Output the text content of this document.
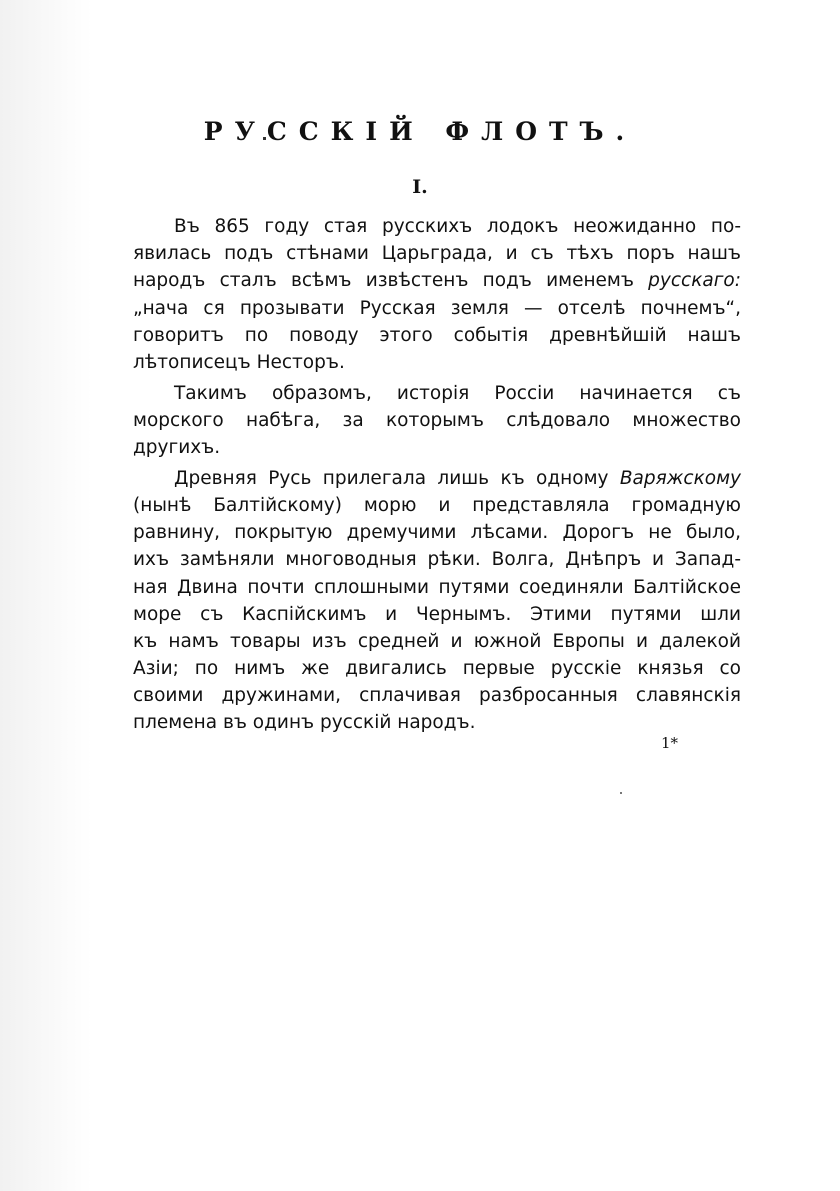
РУССКІЙ ФЛОТЪ.
I.
Въ 865 году стая русскихъ лодокъ неожиданно по-
явилась подъ стѣнами Царьграда, и съ тѣхъ поръ нашъ
народъ сталъ всѣмъ извѣстенъ подъ именемъ русскаго:
„нача ся прозывати Русская земля — отселѣ почнемъ“,
говоритъ по поводу этого событія древнѣйшій нашъ
лѣтописецъ Несторъ.
Такимъ образомъ, исторія Россіи начинается съ
морского набѣга, за которымъ слѣдовало множество
другихъ.
Древняя Русь прилегала лишь къ одному Варяжскому
(нынѣ Балтійскому) морю и представляла громадную
равнину, покрытую дремучими лѣсами. Дорогъ не было,
ихъ замѣняли многоводныя рѣки. Волга, Днѣпръ и Запад-
ная Двина почти сплошными путями соединяли Балтійское
море съ Каспійскимъ и Чернымъ. Этими путями шли
къ намъ товары изъ средней и южной Европы и далекой
Азіи; по нимъ же двигались первые русскіе князья со
своими дружинами, сплачивая разбросанныя славянскія
племена въ одинъ русскій народъ.
1*
